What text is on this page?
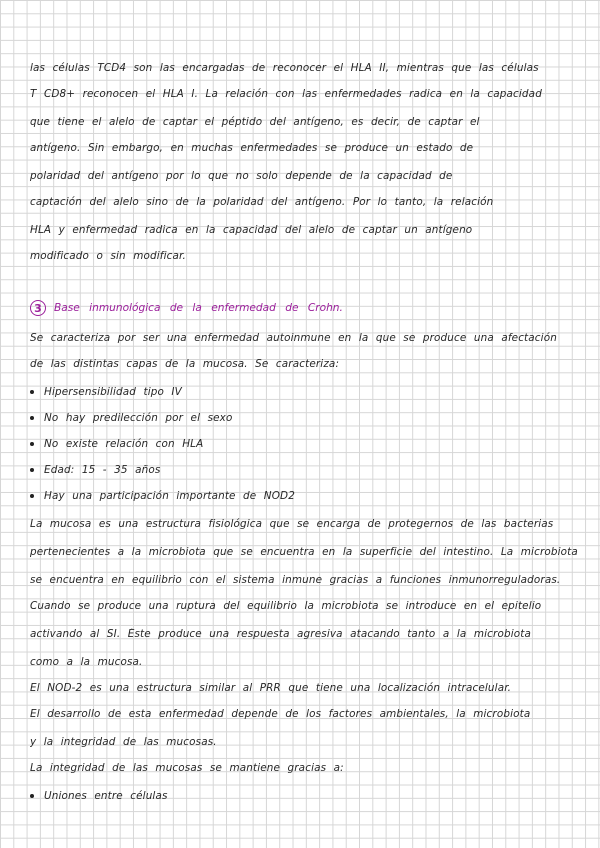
las células TCD4 son las encargadas de reconocer el HLA II, mientras que las células
T CD8+ reconocen el HLA I. La relación con las enfermedades radica en la capacidad
que tiene el alelo de captar el péptido del antígeno, es decir, de captar el
antígeno. Sin embargo, en muchas enfermedades se produce un estado de
polaridad del antígeno por lo que no solo depende de la capacidad de
captación del alelo sino de la polaridad del antígeno. Por lo tanto, la relación
HLA y enfermedad radica en la capacidad del alelo de captar un antígeno
modificado o sin modificar.
3	Base inmunológica de la enfermedad de Crohn.
Se caracteriza por ser una enfermedad autoinmune en la que se produce una afectación
de las distintas capas de la mucosa. Se caracteriza:
Hipersensibilidad tipo IV
No hay predilección por el sexo
No existe relación con HLA
Edad: 15 - 35 años
Hay una participación importante de NOD2
La mucosa es una estructura fisiológica que se encarga de protegernos de las bacterias
pertenecientes a la microbiota que se encuentra en la superficie del intestino. La microbiota
se encuentra en equilibrio con el sistema inmune gracias a funciones inmunorreguladoras.
Cuando se produce una ruptura del equilibrio la microbiota se introduce en el epitelio
activando al SI. Éste produce una respuesta agresiva atacando tanto a la microbiota
como a la mucosa.
El NOD-2 es una estructura similar al PRR que tiene una localización intracelular.
El desarrollo de esta enfermedad depende de los factores ambientales, la microbiota
y la integridad de las mucosas.
La integridad de las mucosas se mantiene gracias a:
Uniones entre células
